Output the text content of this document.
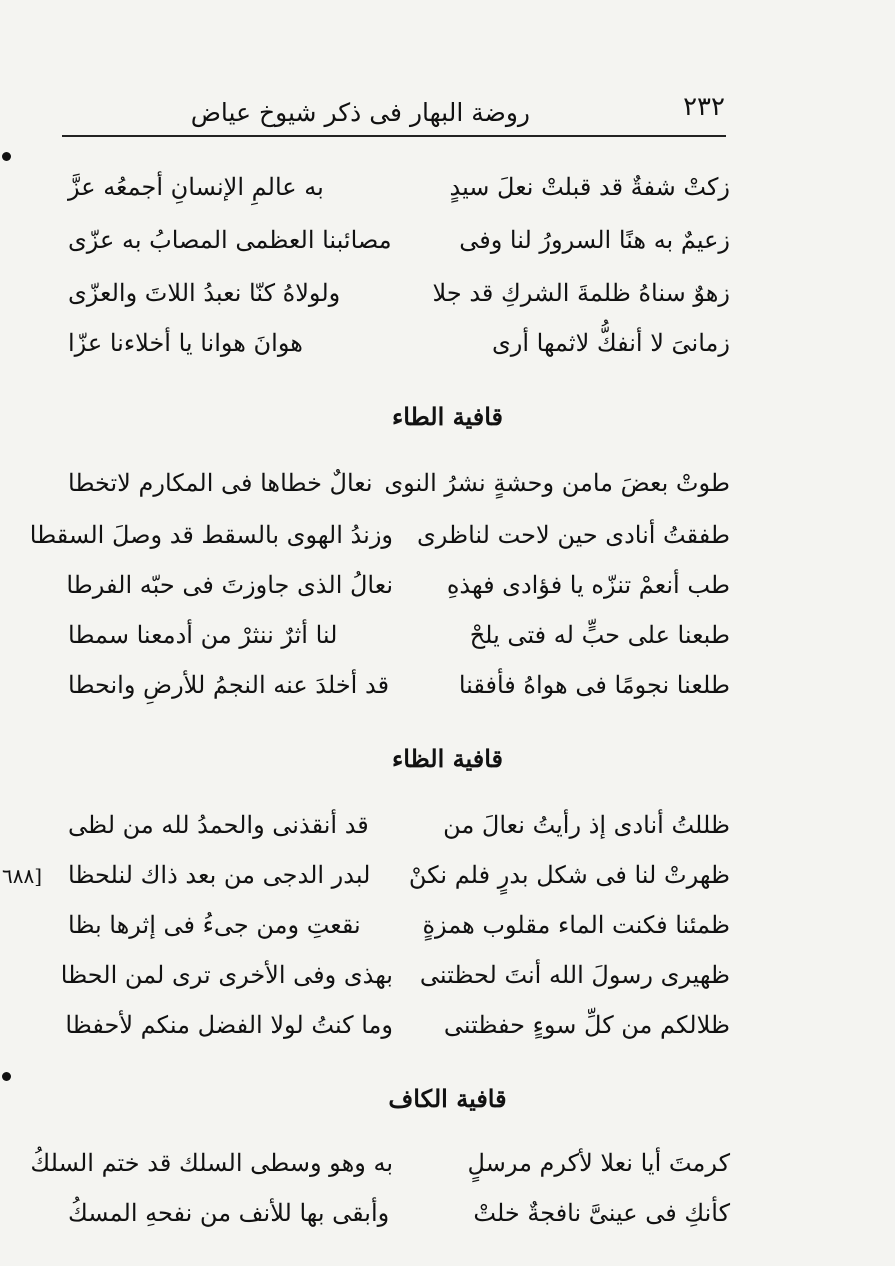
٢٣٢
روضة البهار فى ذكر شيوخ عياض
زكتْ شفةٌ قد قبلتْ نعلَ سيدٍ
به عالمِ الإنسانِ أجمعُه عزَّ
زعيمٌ به هنًا السرورُ لنا وفى
مصائبنا العظمى المصابُ به عزّى
زهوٌ سناهُ ظلمةَ الشركِ قد جلا
ولولاهُ كنّا نعبدُ اللاتَ والعزّى
زمانىَ لا أنفكُّ لاثمها أرى
هوانَ هوانا يا أخلاءنا عزّا
قافية الطاء
طوتْ بعضَ مامن وحشةٍ نشرُ النوى
نعالٌ خطاها فى المكارم لاتخطا
طفقتُ أنادى حين لاحت لناظرى
وزندُ الهوى بالسقط قد وصلَ السقطا
طب أنعمْ تنزّه يا فؤادى فهذهِ
نعالُ الذى جاوزتَ فى حبّه الفرطا
طبعنا على حبٍّ له فتى يلحْ
لنا أثرٌ ننثرْ من أدمعنا سمطا
طلعنا نجومًا فى هواهُ فأفقنا
قد أخلدَ عنه النجمُ للأرضِ وانحطا
قافية الظاء
ظللتُ أنادى إذ رأيتُ نعالَ من
قد أنقذنى والحمدُ لله من لظى
ظهرتْ لنا فى شكل بدرٍ فلم نكنْ
لبدر الدجى من بعد ذاك لنلحظا
ظمئنا فكنت الماء مقلوب همزةٍ
نقعتِ ومن جىءُ فى إثرها بظا
ظهيرى رسولَ الله أنتَ لحظتنى
بهذى وفى الأخرى ترى لمن الحظا
ظلالكم من كلِّ سوءٍ حفظتنى
وما كنتُ لولا الفضل منكم لأحفظا
[٦٨٨
قافية الكاف
كرمتَ أيا نعلا لأكرم مرسلٍ
به وهو وسطى السلك قد ختم السلكُ
كأنكِ فى عينىَّ نافجةٌ خلتْ
وأبقى بها للأنف من نفحهِ المسكُ
